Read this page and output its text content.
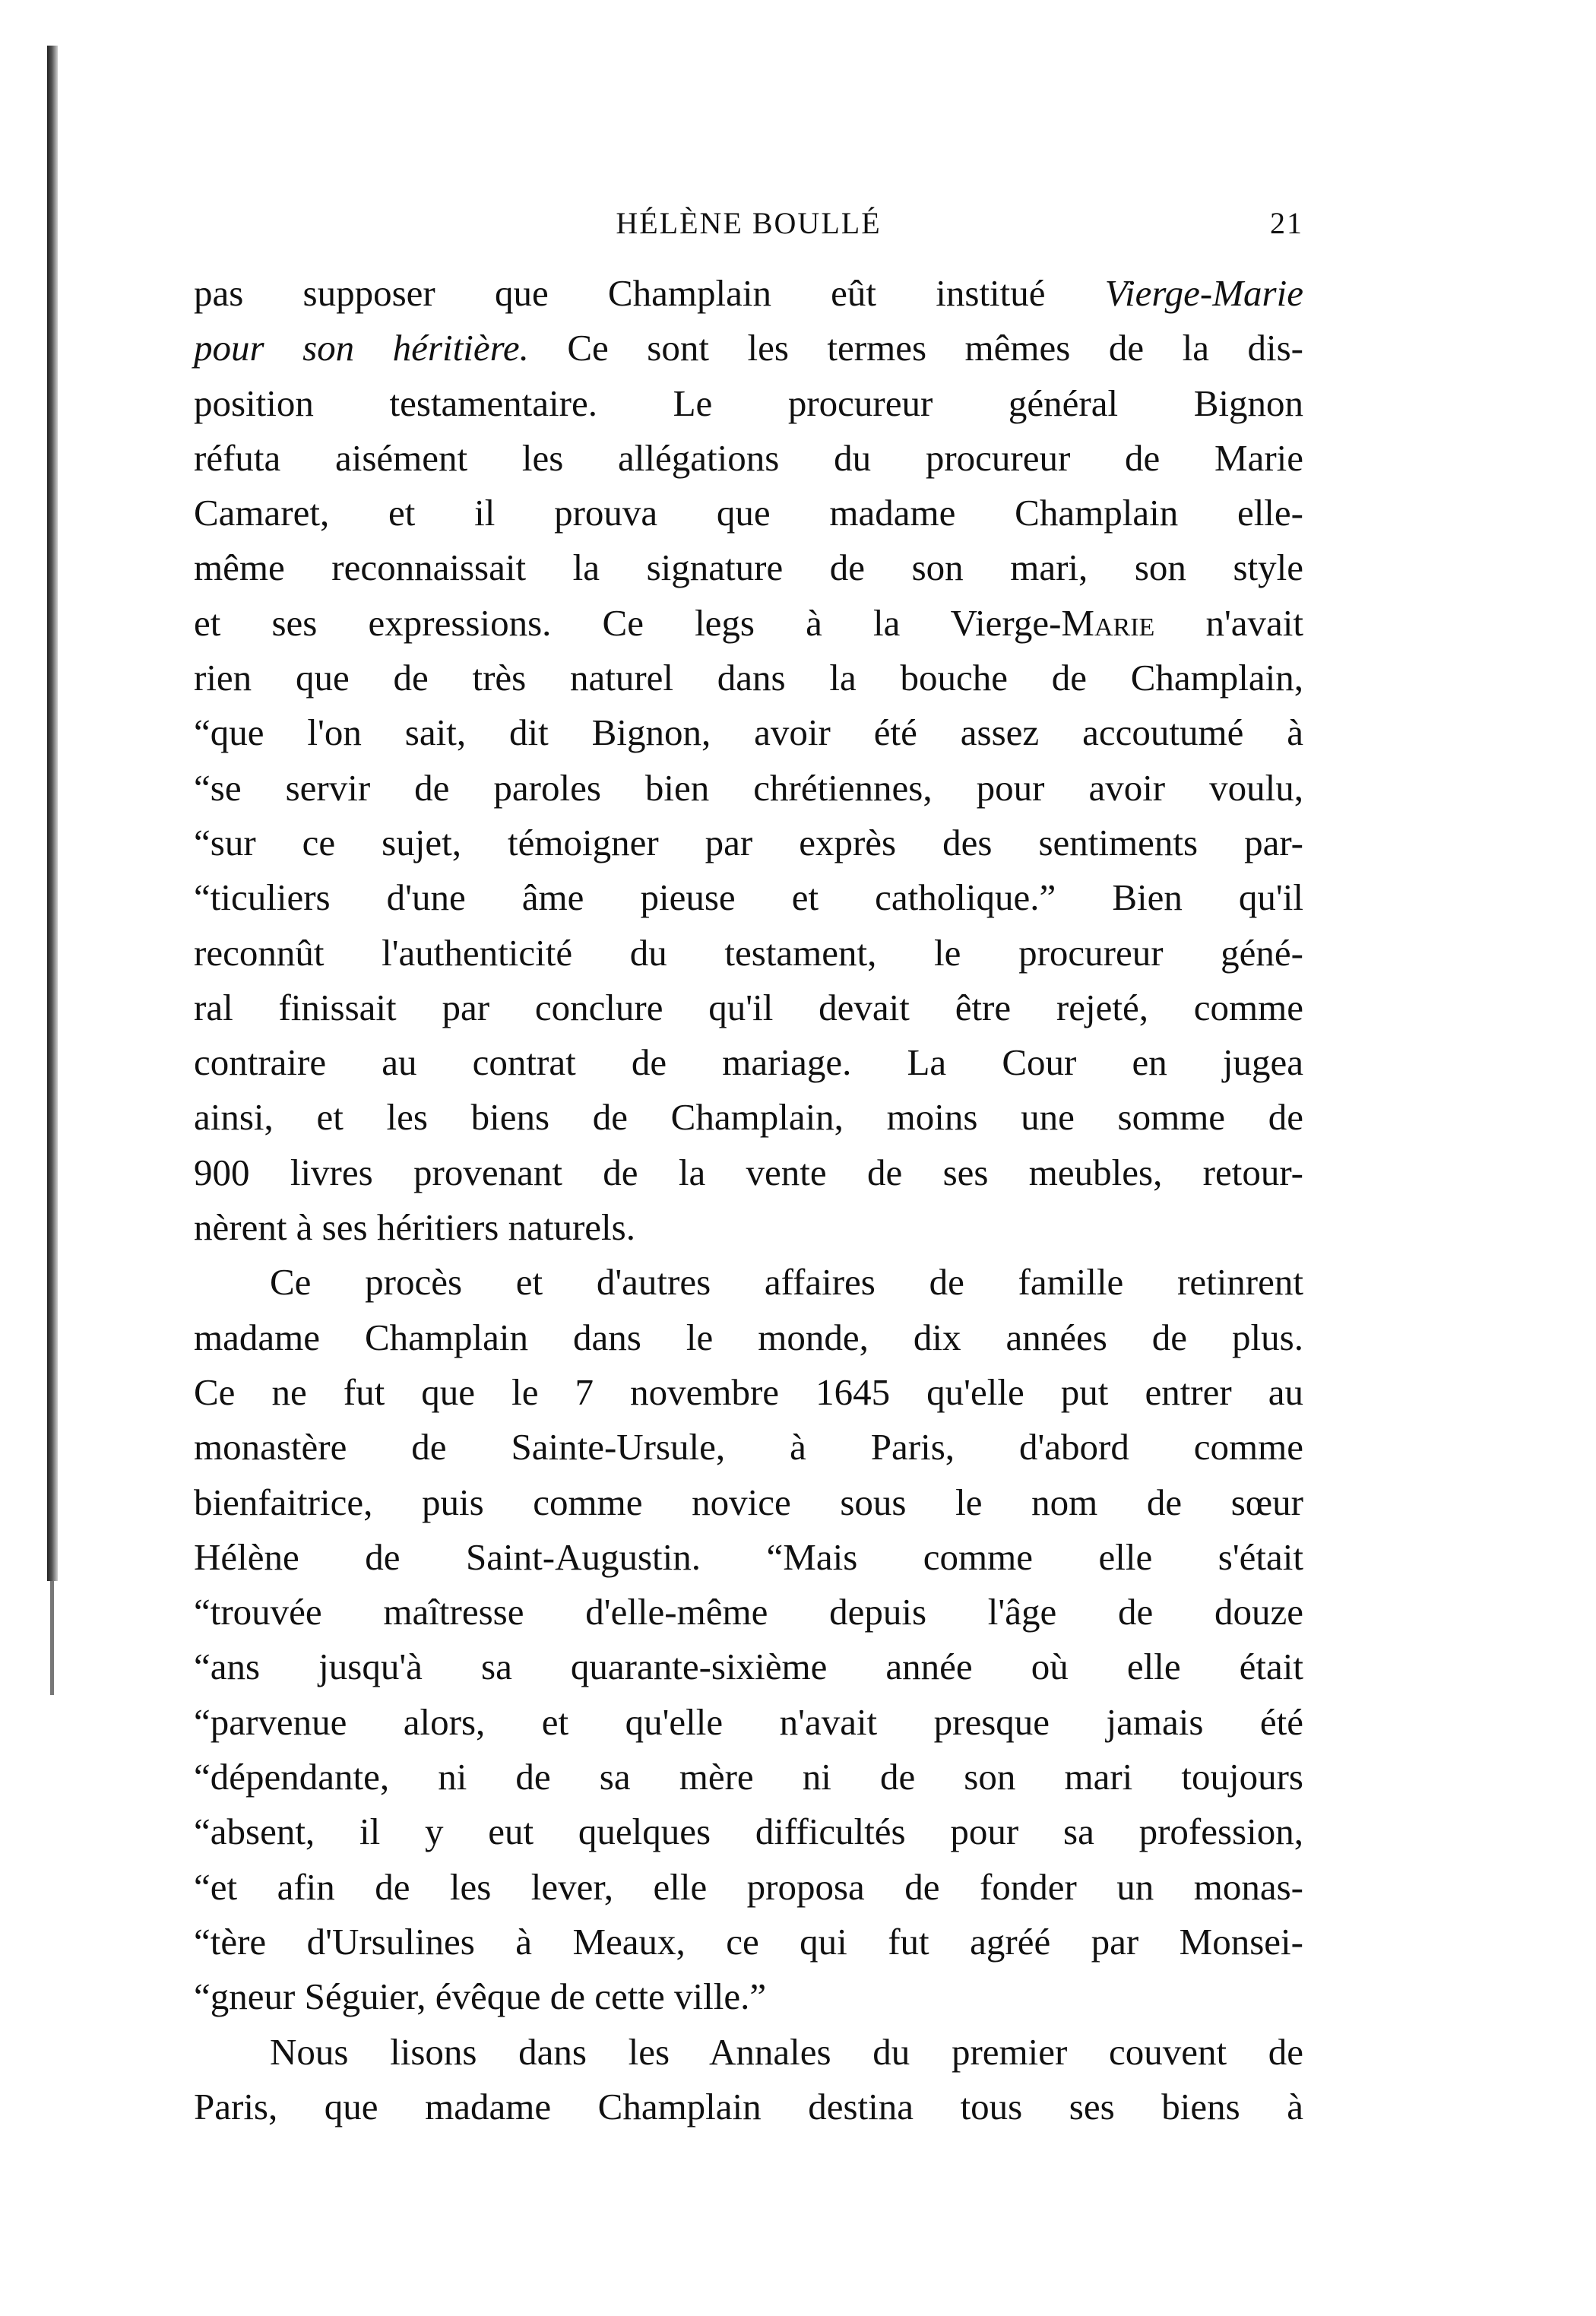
HÉLÈNE BOULLÉ	21
pas supposer que Champlain eût institué Vierge-Marie
pour son héritière. Ce sont les termes mêmes de la dis-
position testamentaire. Le procureur général Bignon
réfuta aisément les allégations du procureur de Marie
Camaret, et il prouva que madame Champlain elle-
même reconnaissait la signature de son mari, son style
et ses expressions. Ce legs à la Vierge-Marie n'avait
rien que de très naturel dans la bouche de Champlain,
“que l'on sait, dit Bignon, avoir été assez accoutumé à
“se servir de paroles bien chrétiennes, pour avoir voulu,
“sur ce sujet, témoigner par exprès des sentiments par-
“ticuliers d'une âme pieuse et catholique.” Bien qu'il
reconnût l'authenticité du testament, le procureur géné-
ral finissait par conclure qu'il devait être rejeté, comme
contraire au contrat de mariage. La Cour en jugea
ainsi, et les biens de Champlain, moins une somme de
900 livres provenant de la vente de ses meubles, retour-
nèrent à ses héritiers naturels.
Ce procès et d'autres affaires de famille retinrent
madame Champlain dans le monde, dix années de plus.
Ce ne fut que le 7 novembre 1645 qu'elle put entrer au
monastère de Sainte-Ursule, à Paris, d'abord comme
bienfaitrice, puis comme novice sous le nom de sœur
Hélène de Saint-Augustin. “Mais comme elle s'était
“trouvée maîtresse d'elle-même depuis l'âge de douze
“ans jusqu'à sa quarante-sixième année où elle était
“parvenue alors, et qu'elle n'avait presque jamais été
“dépendante, ni de sa mère ni de son mari toujours
“absent, il y eut quelques difficultés pour sa profession,
“et afin de les lever, elle proposa de fonder un monas-
“tère d'Ursulines à Meaux, ce qui fut agréé par Monsei-
“gneur Séguier, évêque de cette ville.”
Nous lisons dans les Annales du premier couvent de
Paris, que madame Champlain destina tous ses biens à
